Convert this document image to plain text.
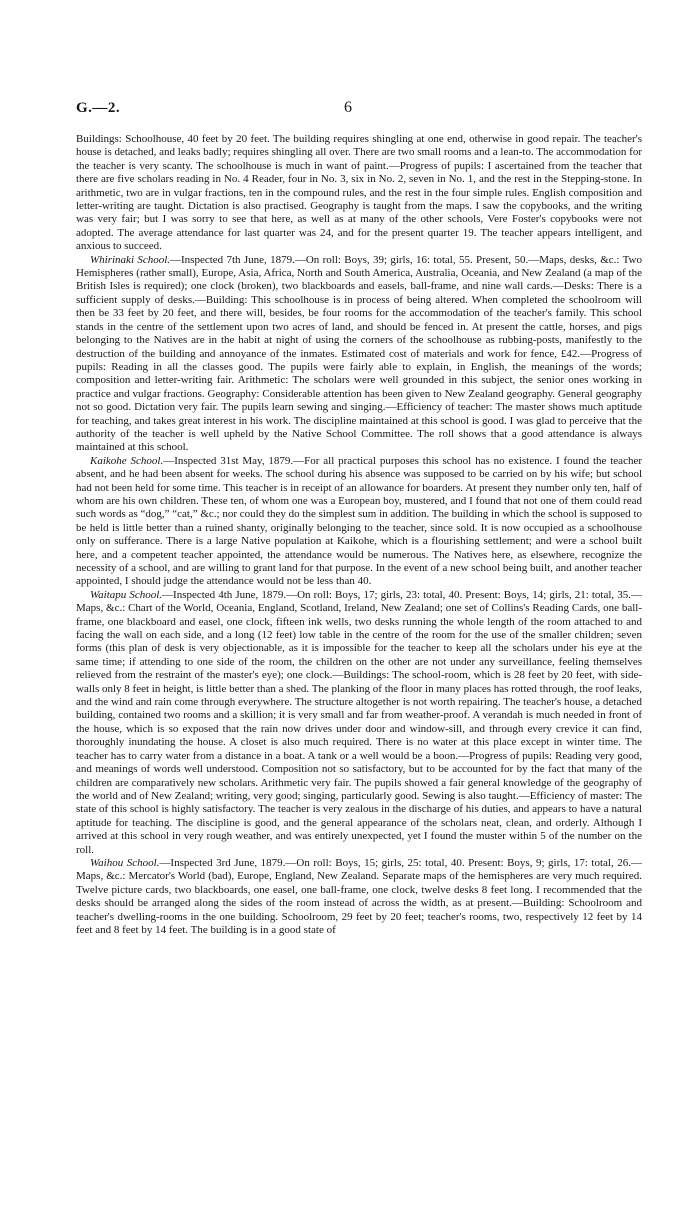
G.—2.	6

Buildings: Schoolhouse, 40 feet by 20 feet. The building requires shingling at one end, otherwise in good repair. The teacher's house is detached, and leaks badly; requires shingling all over. There are two small rooms and a lean-to. The accommodation for the teacher is very scanty. The schoolhouse is much in want of paint.—Progress of pupils: I ascertained from the teacher that there are five scholars reading in No. 4 Reader, four in No. 3, six in No. 2, seven in No. 1, and the rest in the Stepping-stone. In arithmetic, two are in vulgar fractions, ten in the compound rules, and the rest in the four simple rules. English composition and letter-writing are taught. Dictation is also practised. Geography is taught from the maps. I saw the copybooks, and the writing was very fair; but I was sorry to see that here, as well as at many of the other schools, Vere Foster's copybooks were not adopted. The average attendance for last quarter was 24, and for the present quarter 19. The teacher appears intelligent, and anxious to succeed.

Whirinaki School.—Inspected 7th June, 1879.—On roll: Boys, 39; girls, 16: total, 55. Present, 50.—Maps, desks, &c.: Two Hemispheres (rather small), Europe, Asia, Africa, North and South America, Australia, Oceania, and New Zealand (a map of the British Isles is required); one clock (broken), two blackboards and easels, ball-frame, and nine wall cards.—Desks: There is a sufficient supply of desks.—Building: This schoolhouse is in process of being altered. When completed the schoolroom will then be 33 feet by 20 feet, and there will, besides, be four rooms for the accommodation of the teacher's family. This school stands in the centre of the settlement upon two acres of land, and should be fenced in. At present the cattle, horses, and pigs belonging to the Natives are in the habit at night of using the corners of the schoolhouse as rubbing-posts, manifestly to the destruction of the building and annoyance of the inmates. Estimated cost of materials and work for fence, £42.—Progress of pupils: Reading in all the classes good. The pupils were fairly able to explain, in English, the meanings of the words; composition and letter-writing fair. Arithmetic: The scholars were well grounded in this subject, the senior ones working in practice and vulgar fractions. Geography: Considerable attention has been given to New Zealand geography. General geography not so good. Dictation very fair. The pupils learn sewing and singing.—Efficiency of teacher: The master shows much aptitude for teaching, and takes great interest in his work. The discipline maintained at this school is good. I was glad to perceive that the authority of the teacher is well upheld by the Native School Committee. The roll shows that a good attendance is always maintained at this school.

Kaikohe School.—Inspected 31st May, 1879.—For all practical purposes this school has no existence. I found the teacher absent, and he had been absent for weeks. The school during his absence was supposed to be carried on by his wife; but school had not been held for some time. This teacher is in receipt of an allowance for boarders. At present they number only ten, half of whom are his own children. These ten, of whom one was a European boy, mustered, and I found that not one of them could read such words as “dog,” “cat,” &c.; nor could they do the simplest sum in addition. The building in which the school is supposed to be held is little better than a ruined shanty, originally belonging to the teacher, since sold. It is now occupied as a schoolhouse only on sufferance. There is a large Native population at Kaikohe, which is a flourishing settlement; and were a school built here, and a competent teacher appointed, the attendance would be numerous. The Natives here, as elsewhere, recognize the necessity of a school, and are willing to grant land for that purpose. In the event of a new school being built, and another teacher appointed, I should judge the attendance would not be less than 40.

Waitapu School.—Inspected 4th June, 1879.—On roll: Boys, 17; girls, 23: total, 40. Present: Boys, 14; girls, 21: total, 35.—Maps, &c.: Chart of the World, Oceania, England, Scotland, Ireland, New Zealand; one set of Collins's Reading Cards, one ball-frame, one blackboard and easel, one clock, fifteen ink wells, two desks running the whole length of the room attached to and facing the wall on each side, and a long (12 feet) low table in the centre of the room for the use of the smaller children; seven forms (this plan of desk is very objectionable, as it is impossible for the teacher to keep all the scholars under his eye at the same time; if attending to one side of the room, the children on the other are not under any surveillance, feeling themselves relieved from the restraint of the master's eye); one clock.—Buildings: The school-room, which is 28 feet by 20 feet, with side-walls only 8 feet in height, is little better than a shed. The planking of the floor in many places has rotted through, the roof leaks, and the wind and rain come through everywhere. The structure altogether is not worth repairing. The teacher's house, a detached building, contained two rooms and a skillion; it is very small and far from weather-proof. A verandah is much needed in front of the house, which is so exposed that the rain now drives under door and window-sill, and through every crevice it can find, thoroughly inundating the house. A closet is also much required. There is no water at this place except in winter time. The teacher has to carry water from a distance in a boat. A tank or a well would be a boon.—Progress of pupils: Reading very good, and meanings of words well understood. Composition not so satisfactory, but to be accounted for by the fact that many of the children are comparatively new scholars. Arithmetic very fair. The pupils showed a fair general knowledge of the geography of the world and of New Zealand; writing, very good; singing, particularly good. Sewing is also taught.—Efficiency of master: The state of this school is highly satisfactory. The teacher is very zealous in the discharge of his duties, and appears to have a natural aptitude for teaching. The discipline is good, and the general appearance of the scholars neat, clean, and orderly. Although I arrived at this school in very rough weather, and was entirely unexpected, yet I found the muster within 5 of the number on the roll.

Waihou School.—Inspected 3rd June, 1879.—On roll: Boys, 15; girls, 25: total, 40. Present: Boys, 9; girls, 17: total, 26.—Maps, &c.: Mercator's World (bad), Europe, England, New Zealand. Separate maps of the hemispheres are very much required. Twelve picture cards, two blackboards, one easel, one ball-frame, one clock, twelve desks 8 feet long. I recommended that the desks should be arranged along the sides of the room instead of across the width, as at present.—Building: Schoolroom and teacher's dwelling-rooms in the one building. Schoolroom, 29 feet by 20 feet; teacher's rooms, two, respectively 12 feet by 14 feet and 8 feet by 14 feet. The building is in a good state of
